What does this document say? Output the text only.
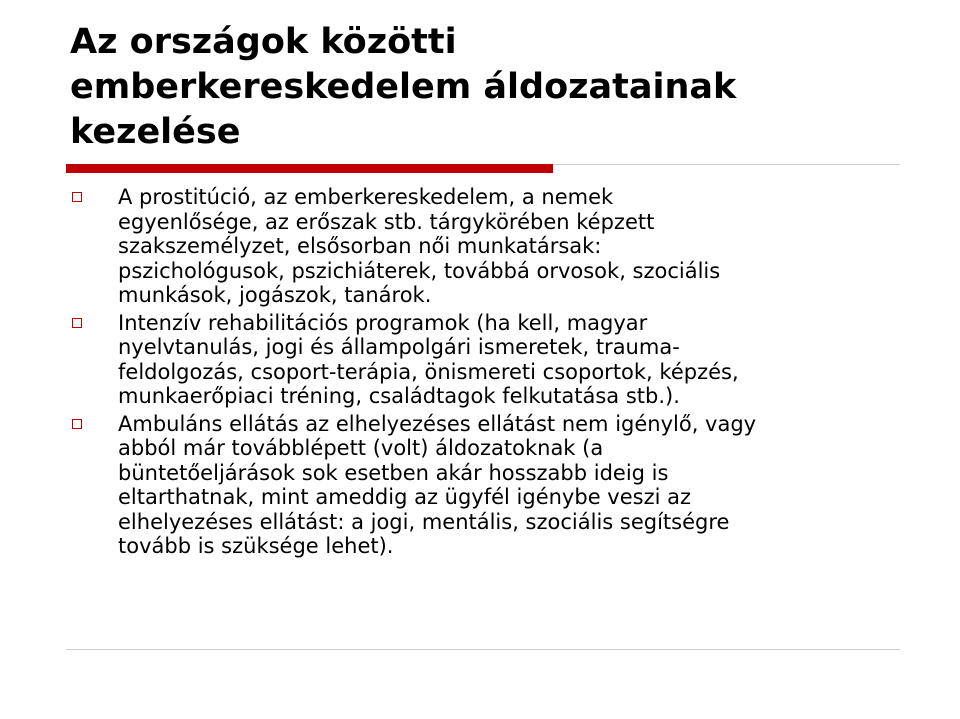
Az országok közötti
emberkereskedelem áldozatainak
kezelése
A prostitúció, az emberkereskedelem, a nemek
egyenlősége, az erőszak stb. tárgykörében képzett
szakszemélyzet, elsősorban női munkatársak:
pszichológusok, pszichiáterek, továbbá orvosok, szociális
munkások, jogászok, tanárok.
Intenzív rehabilitációs programok (ha kell, magyar
nyelvtanulás, jogi és állampolgári ismeretek, trauma-
feldolgozás, csoport-terápia, önismereti csoportok, képzés,
munkaerőpiaci tréning, családtagok felkutatása stb.).
Ambuláns ellátás az elhelyezéses ellátást nem igénylő, vagy
abból már továbblépett (volt) áldozatoknak (a
büntetőeljárások sok esetben akár hosszabb ideig is
eltarthatnak, mint ameddig az ügyfél igénybe veszi az
elhelyezéses ellátást: a jogi, mentális, szociális segítségre
tovább is szüksége lehet).
